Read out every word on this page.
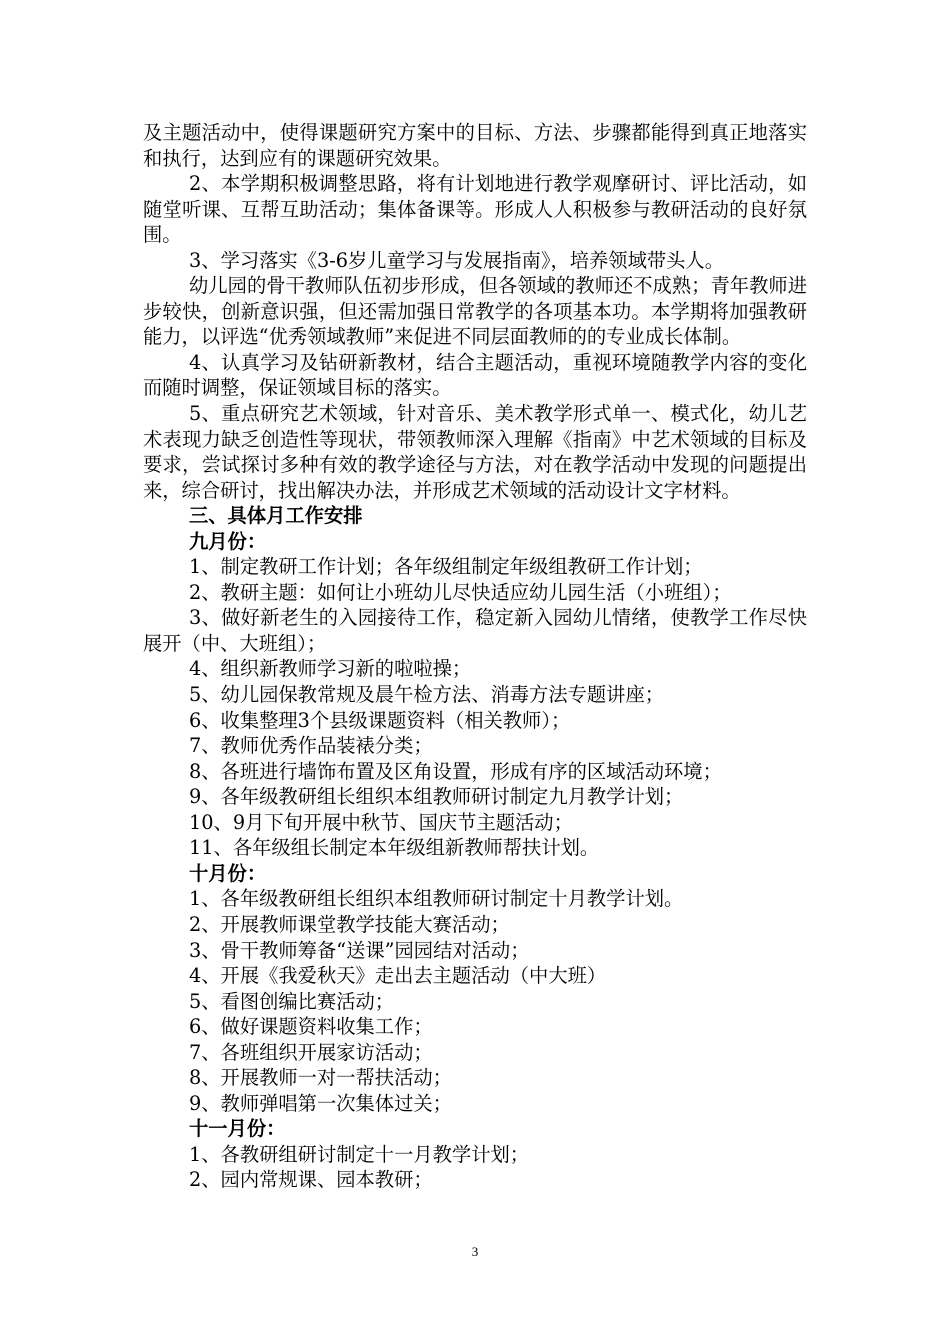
及主题活动中，使得课题研究方案中的目标、方法、步骤都能得到真正地落实和执行，达到应有的课题研究效果。

2、本学期积极调整思路，将有计划地进行教学观摩研讨、评比活动，如随堂听课、互帮互助活动；集体备课等。形成人人积极参与教研活动的良好氛围。

3、学习落实《3-6岁儿童学习与发展指南》，培养领域带头人。

幼儿园的骨干教师队伍初步形成，但各领域的教师还不成熟；青年教师进步较快，创新意识强，但还需加强日常教学的各项基本功。本学期将加强教研能力，以评选“优秀领域教师”来促进不同层面教师的的专业成长体制。

4、认真学习及钻研新教材，结合主题活动，重视环境随教学内容的变化而随时调整，保证领域目标的落实。

5、重点研究艺术领域，针对音乐、美术教学形式单一、模式化，幼儿艺术表现力缺乏创造性等现状，带领教师深入理解《指南》中艺术领域的目标及要求，尝试探讨多种有效的教学途径与方法，对在教学活动中发现的问题提出来，综合研讨，找出解决办法，并形成艺术领域的活动设计文字材料。

三、具体月工作安排

九月份：

1、制定教研工作计划；各年级组制定年级组教研工作计划；

2、教研主题：如何让小班幼儿尽快适应幼儿园生活（小班组）；

3、做好新老生的入园接待工作，稳定新入园幼儿情绪，使教学工作尽快展开（中、大班组）；

4、组织新教师学习新的啦啦操；

5、幼儿园保教常规及晨午检方法、消毒方法专题讲座；

6、收集整理3个县级课题资料（相关教师）；

7、教师优秀作品装裱分类；

8、各班进行墙饰布置及区角设置，形成有序的区域活动环境；

9、各年级教研组长组织本组教师研讨制定九月教学计划；

10、9月下旬开展中秋节、国庆节主题活动；

11、各年级组长制定本年级组新教师帮扶计划。

十月份：

1、各年级教研组长组织本组教师研讨制定十月教学计划。

2、开展教师课堂教学技能大赛活动；

3、骨干教师筹备“送课”园园结对活动；

4、开展《我爱秋天》走出去主题活动（中大班）

5、看图创编比赛活动；

6、做好课题资料收集工作；

7、各班组织开展家访活动；

8、开展教师一对一帮扶活动；

9、教师弹唱第一次集体过关；

十一月份：

1、各教研组研讨制定十一月教学计划；

2、园内常规课、园本教研；

3
